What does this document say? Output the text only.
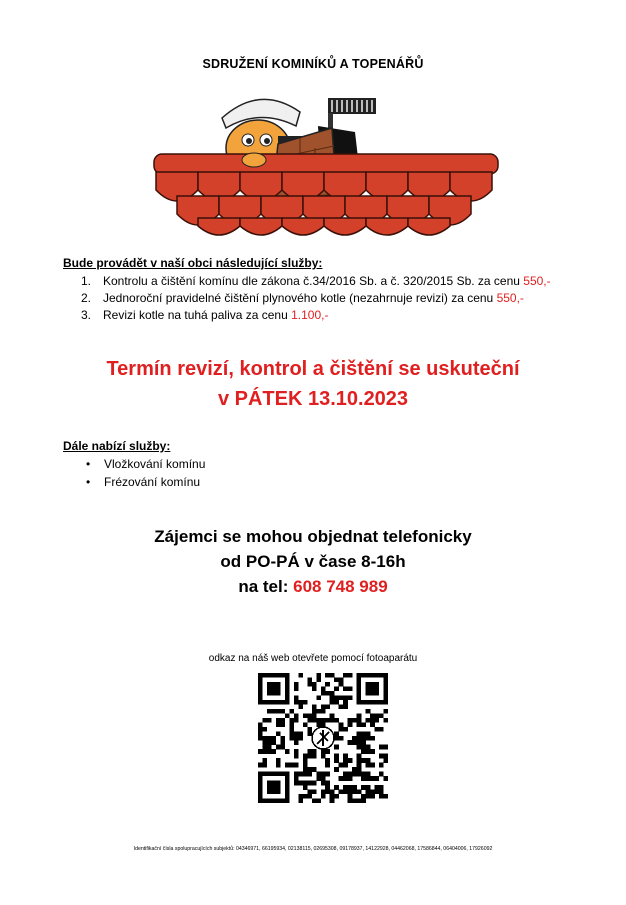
SDRUŽENÍ KOMINÍKŮ A TOPENÁŘŮ
Bude provádět v naší obci následující služby:
1. Kontrolu a čištění komínu dle zákona č.34/2016 Sb. a č. 320/2015 Sb. za cenu 550,-
2. Jednoroční pravidelné čištění plynového kotle (nezahrnuje revizi) za cenu 550,-
3. Revizi kotle na tuhá paliva za cenu 1.100,-
Termín revizí, kontrol a čištění se uskuteční
v PÁTEK 13.10.2023
Dále nabízí služby:
• Vložkování komínu
• Frézování komínu
Zájemci se mohou objednat telefonicky
od PO-PÁ v čase 8-16h
na tel: 608 748 989
odkaz na náš web otevřete pomocí fotoaparátu
Identifikační čísla spolupracujících subjektů: 04346971, 66195934, 02138115, 02695308, 09178937, 14122928, 04462068, 17586844, 06404006, 17926092
